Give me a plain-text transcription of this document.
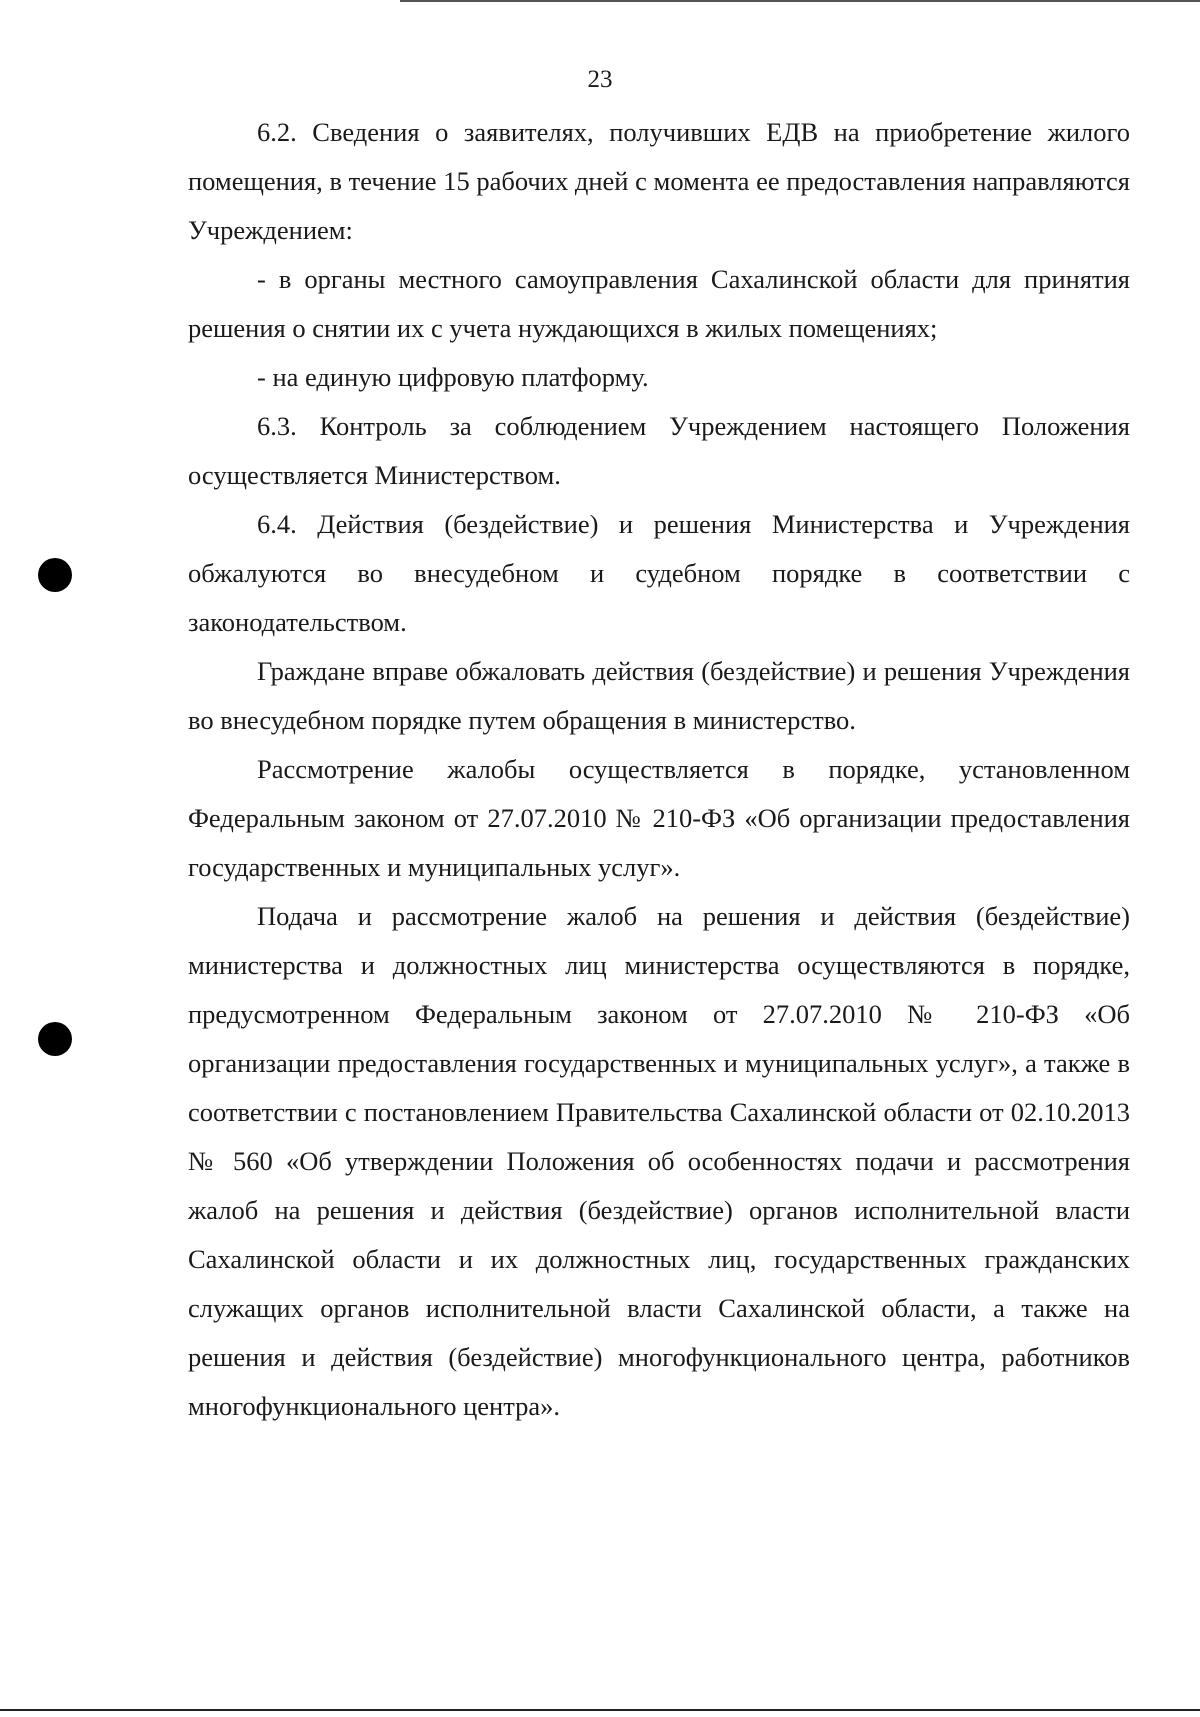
23

6.2. Сведения о заявителях, получивших ЕДВ на приобретение жилого помещения, в течение 15 рабочих дней с момента ее предоставления направляются Учреждением:

- в органы местного самоуправления Сахалинской области для принятия решения о снятии их с учета нуждающихся в жилых помещениях;

- на единую цифровую платформу.

6.3. Контроль за соблюдением Учреждением настоящего Положения осуществляется Министерством.

6.4. Действия (бездействие) и решения Министерства и Учреждения обжалуются во внесудебном и судебном порядке в соответствии с законодательством.

Граждане вправе обжаловать действия (бездействие) и решения Учреждения во внесудебном порядке путем обращения в министерство.

Рассмотрение жалобы осуществляется в порядке, установленном Федеральным законом от 27.07.2010 № 210-ФЗ «Об организации предоставления государственных и муниципальных услуг».

Подача и рассмотрение жалоб на решения и действия (бездействие) министерства и должностных лиц министерства осуществляются в порядке, предусмотренном Федеральным законом от 27.07.2010 № 210-ФЗ «Об организации предоставления государственных и муниципальных услуг», а также в соответствии с постановлением Правительства Сахалинской области от 02.10.2013 № 560 «Об утверждении Положения об особенностях подачи и рассмотрения жалоб на решения и действия (бездействие) органов исполнительной власти Сахалинской области и их должностных лиц, государственных гражданских служащих органов исполнительной власти Сахалинской области, а также на решения и действия (бездействие) многофункционального центра, работников многофункционального центра».
